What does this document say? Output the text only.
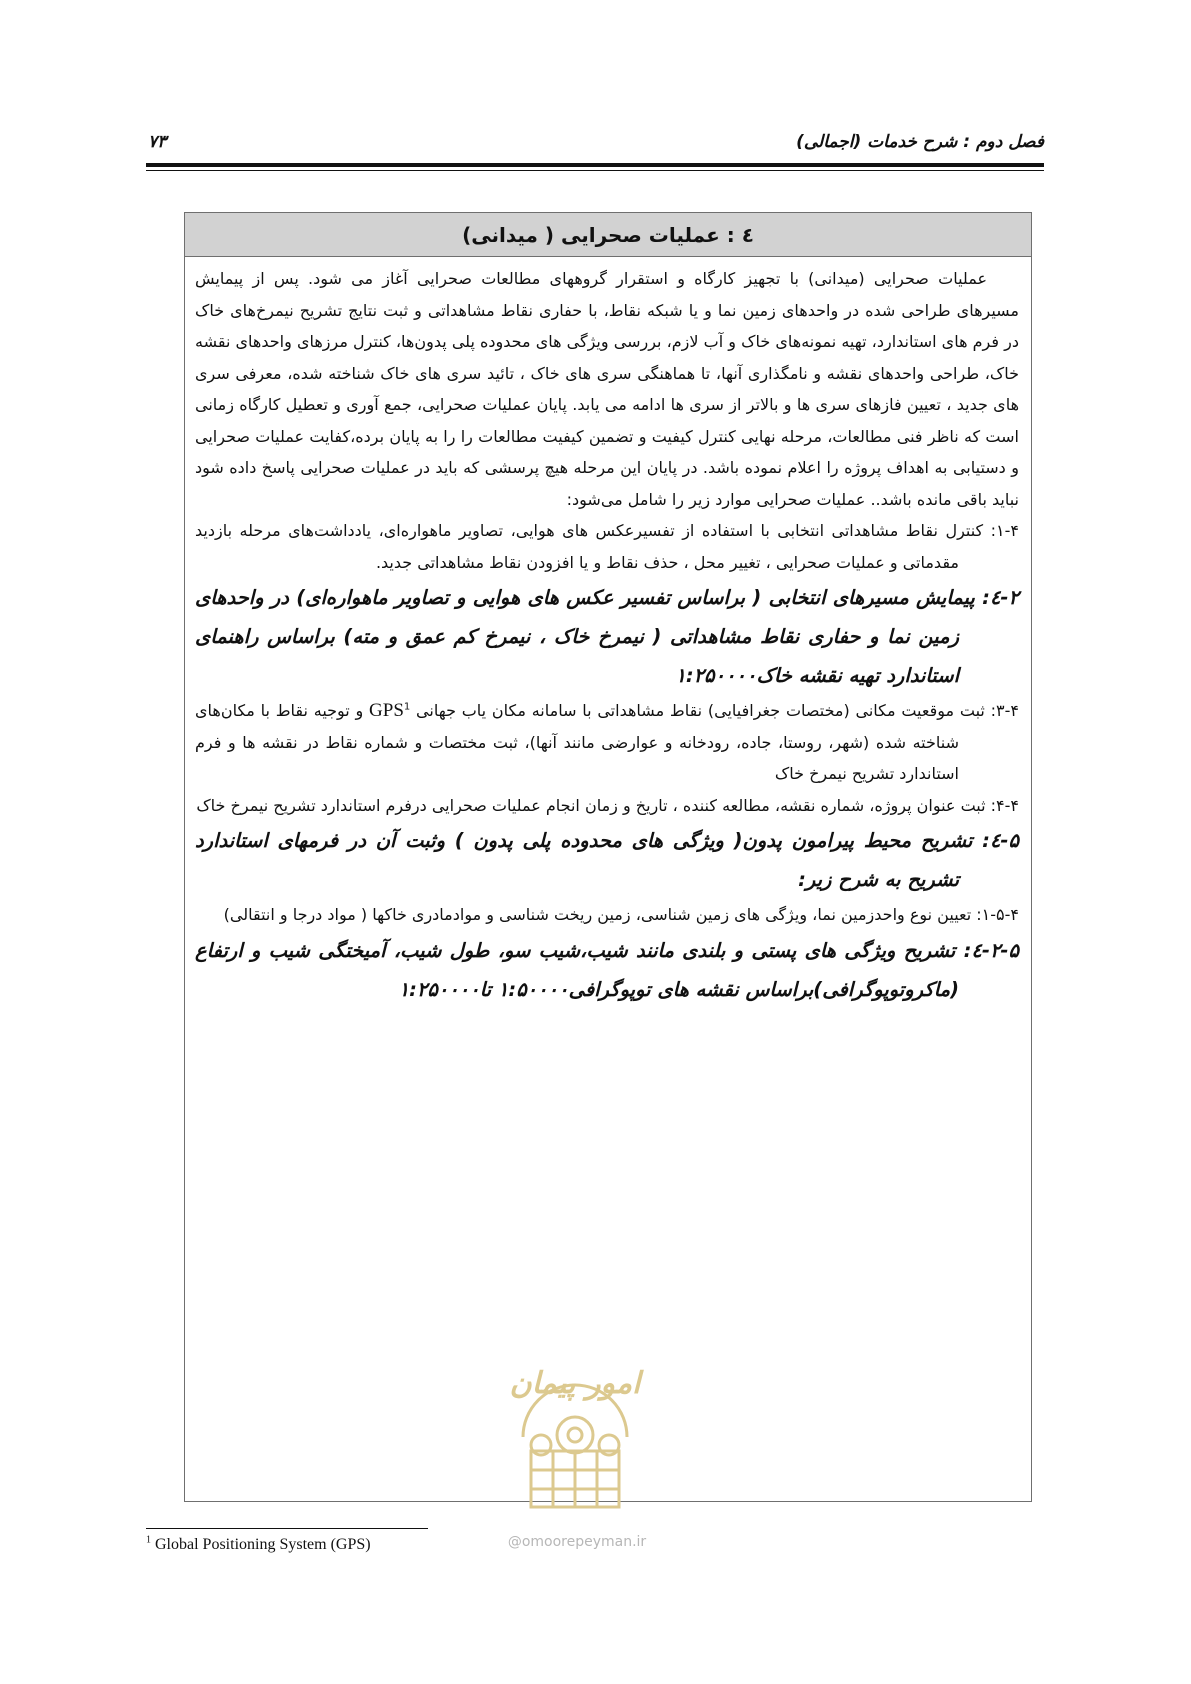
فصل دوم : شرح خدمات (اجمالی)
۷۳
٤ : عملیات صحرایی ( میدانی)

عملیات صحرایی (میدانی) با تجهیز کارگاه و استقرار گروههای مطالعات صحرایی آغاز می شود. پس از پیمایش مسیرهای طراحی شده در واحدهای زمین نما و یا شبکه نقاط، با حفاری نقاط مشاهداتی و ثبت نتایج تشریح نیمرخ‌های خاک در فرم های استاندارد، تهیه نمونه‌های خاک و آب لازم، بررسی ویژگی های محدوده پلی پدون‌ها، کنترل مرزهای واحدهای نقشه خاک، طراحی واحدهای نقشه و نامگذاری آنها، تا هماهنگی سری های خاک ، تائید سری های خاک شناخته شده، معرفی سری های جدید ، تعیین فازهای سری ها و بالاتر از سری ها ادامه می یابد. پایان عملیات صحرایی، جمع آوری و تعطیل کارگاه زمانی است که ناظر فنی مطالعات، مرحله نهایی کنترل کیفیت و تضمین کیفیت مطالعات را را به پایان برده،کفایت عملیات صحرایی و دستیابی به اهداف پروژه را اعلام نموده باشد. در پایان این مرحله هیچ پرسشی که باید در عملیات صحرایی پاسخ داده شود نباید باقی مانده باشد.. عملیات صحرایی موارد زیر را شامل می‌شود:

۱-۴: کنترل نقاط مشاهداتی انتخابی با استفاده از تفسیرعکس های هوایی، تصاویر ماهواره‌ای، یادداشت‌های مرحله بازدید مقدماتی و عملیات صحرایی ، تغییر محل ، حذف نقاط و یا افزودن نقاط مشاهداتی جدید.

۲-٤: پیمایش مسیرهای انتخابی ( براساس تفسیر عکس های هوایی و تصاویر ماهواره‌ای) در واحدهای زمین نما و حفاری نقاط مشاهداتی ( نیمرخ خاک ، نیمرخ کم عمق و مته) براساس راهنمای استاندارد تهیه نقشه خاک۱:۲۵۰۰۰۰

۳-۴: ثبت موقعیت مکانی (مختصات جغرافیایی) نقاط مشاهداتی با سامانه مکان یاب جهانی GPS$^1$ و توجیه نقاط با مکان‌های شناخته شده (شهر، روستا، جاده، رودخانه و عوارضی مانند آنها)، ثبت مختصات و شماره نقاط در نقشه ها و فرم استاندارد تشریح نیمرخ خاک

۴-۴: ثبت عنوان پروژه، شماره نقشه، مطالعه کننده ، تاریخ و زمان انجام عملیات صحرایی درفرم استاندارد تشریح نیمرخ خاک

۵-٤: تشریح محیط پیرامون پدون( ویژگی های محدوده پلی پدون ) وثبت آن در فرمهای استاندارد تشریح به شرح زیر:

۱-۵-۴: تعیین نوع واحدزمین نما، ویژگی های زمین شناسی، زمین ریخت شناسی و موادمادری خاکها ( مواد درجا و انتقالی)

۲-۵-٤: تشریح ویژگی های پستی و بلندی مانند شیب،شیب سو، طول شیب، آمیختگی شیب و ارتفاع (ماکروتوپوگرافی)براساس نقشه های توپوگرافی۱:۵۰۰۰۰ تا۱:۲۵۰۰۰۰

امور پیمان
$^1$ Global Positioning System (GPS)	@omoorepeyman.ir
